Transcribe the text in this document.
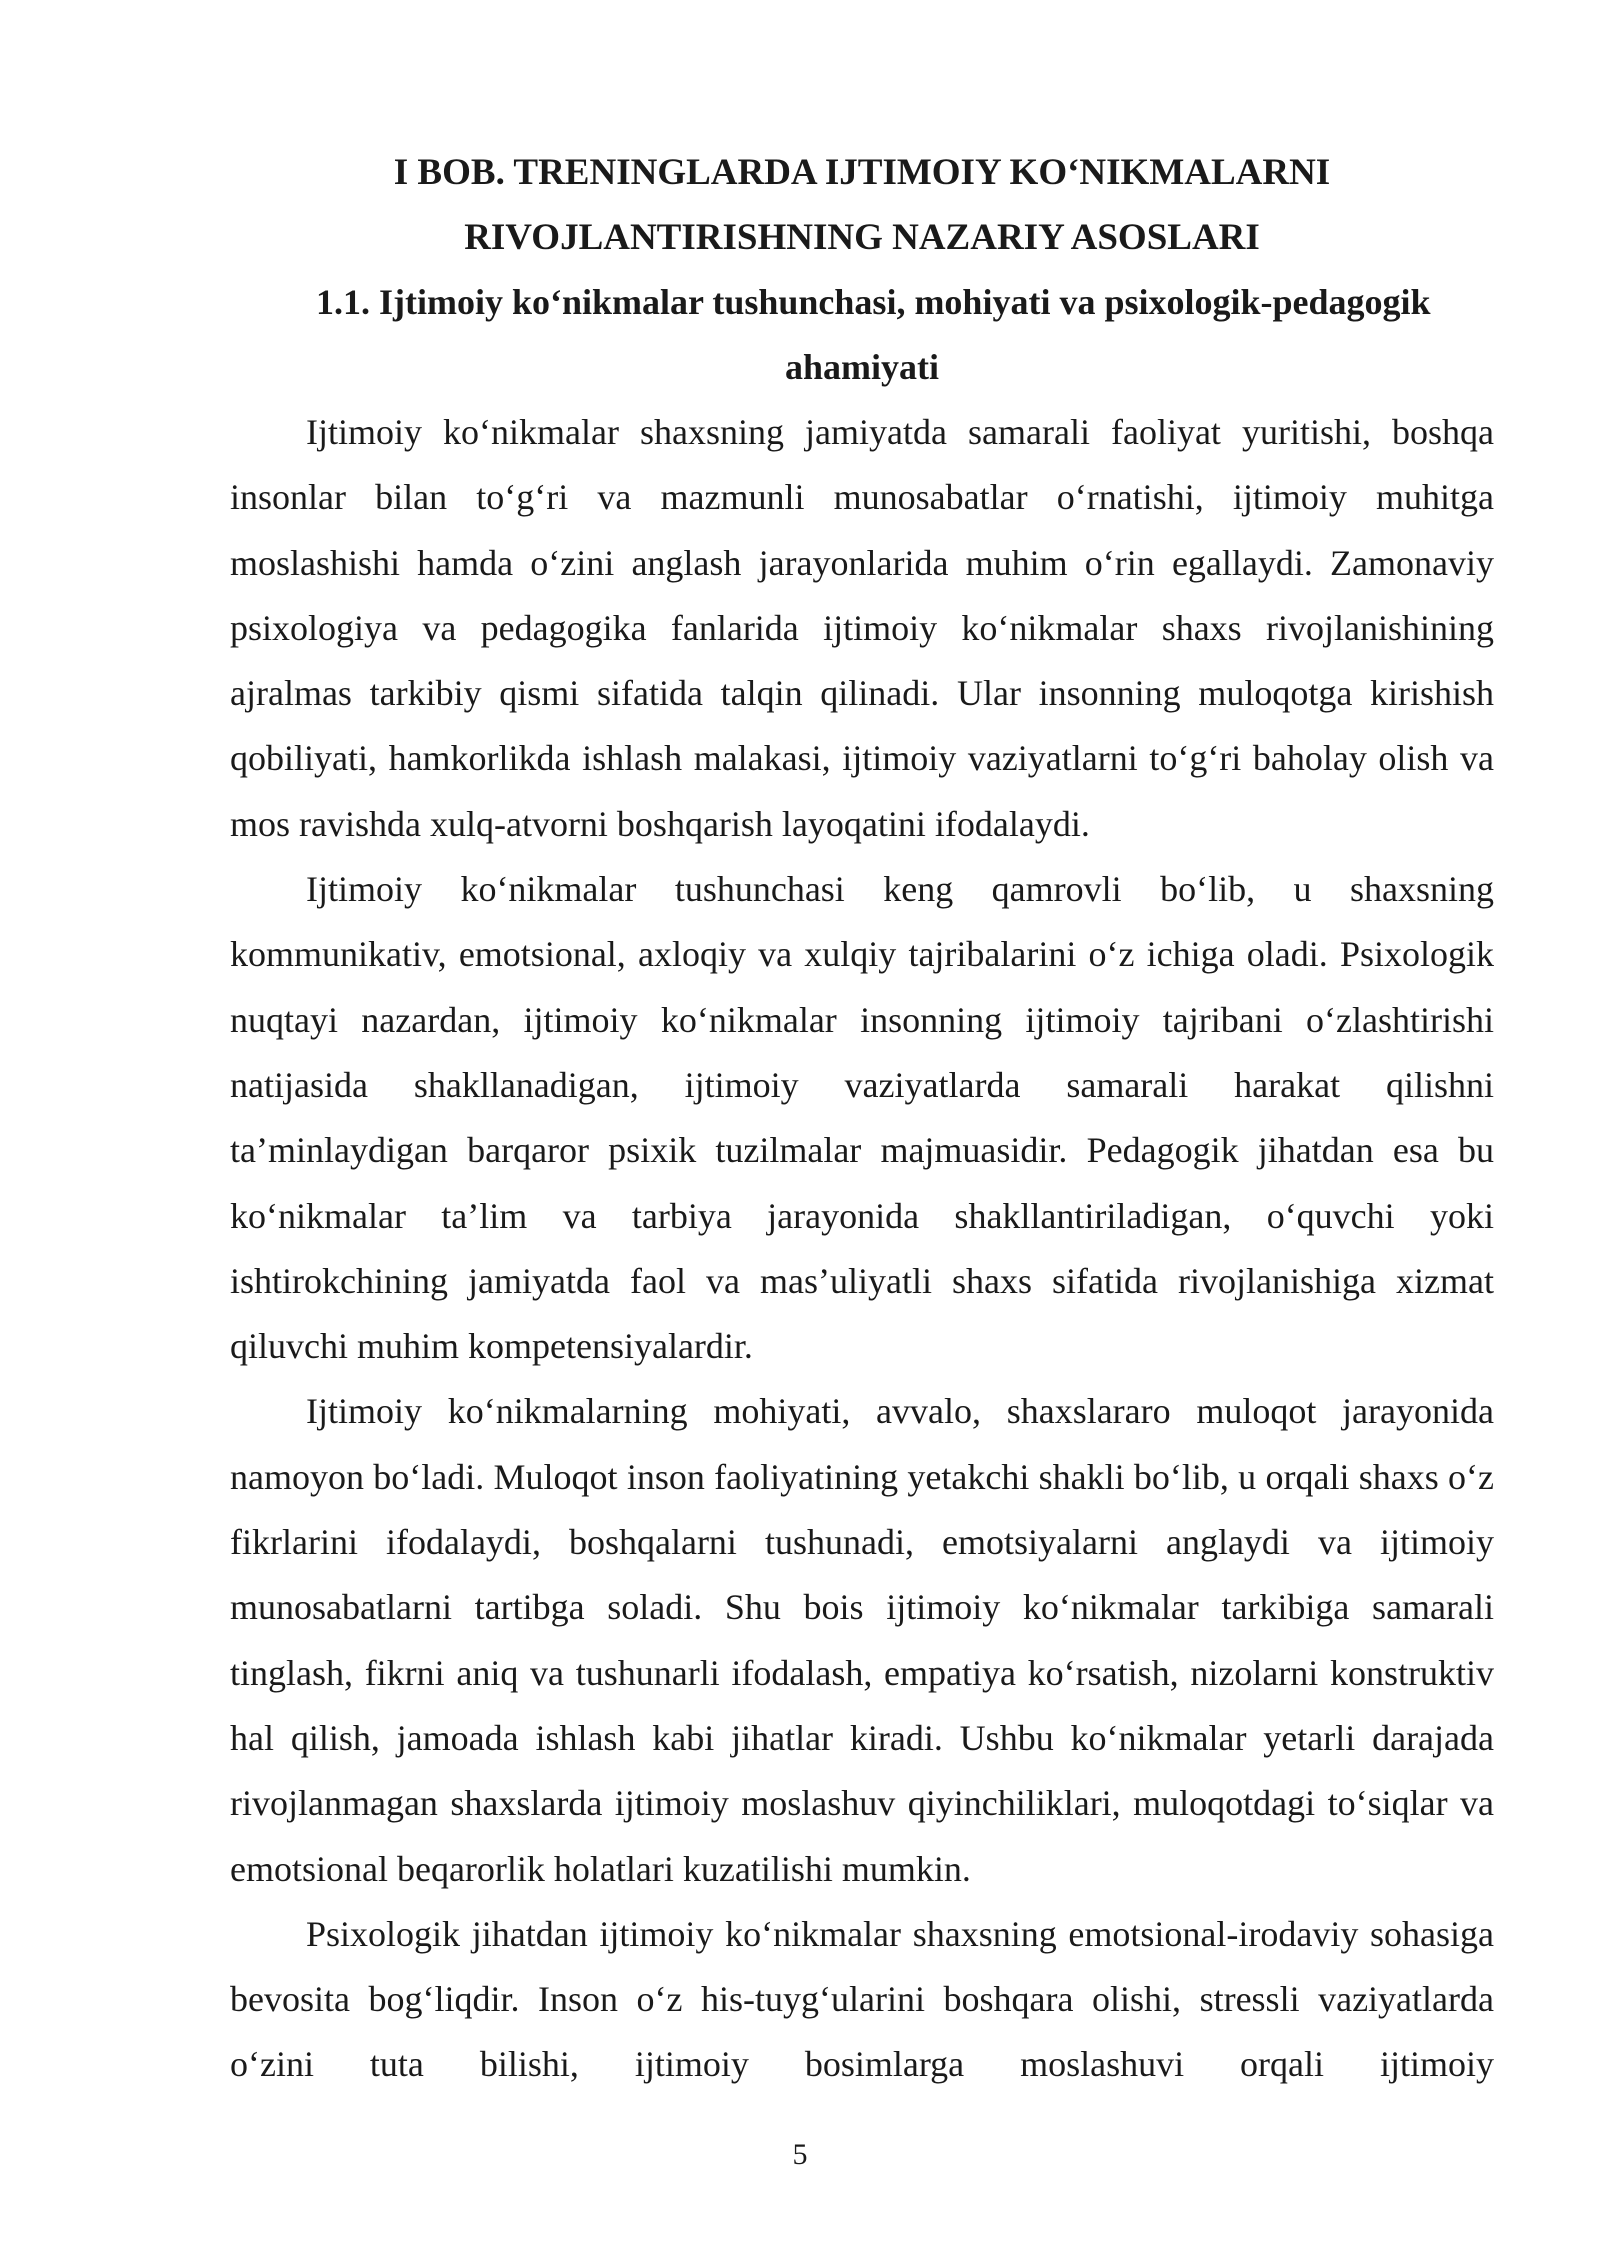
I BOB. TRENINGLARDA IJTIMOIY KO‘NIKMALARNI
RIVOJLANTIRISHNING NAZARIY ASOSLARI
1.1. Ijtimoiy ko‘nikmalar tushunchasi, mohiyati va psixologik-pedagogik
ahamiyati

Ijtimoiy ko‘nikmalar shaxsning jamiyatda samarali faoliyat yuritishi, boshqa insonlar bilan to‘g‘ri va mazmunli munosabatlar o‘rnatishi, ijtimoiy muhitga moslashishi hamda o‘zini anglash jarayonlarida muhim o‘rin egallaydi. Zamonaviy psixologiya va pedagogika fanlarida ijtimoiy ko‘nikmalar shaxs rivojlanishining ajralmas tarkibiy qismi sifatida talqin qilinadi. Ular insonning muloqotga kirishish qobiliyati, hamkorlikda ishlash malakasi, ijtimoiy vaziyatlarni to‘g‘ri baholay olish va mos ravishda xulq-atvorni boshqarish layoqatini ifodalaydi.

Ijtimoiy ko‘nikmalar tushunchasi keng qamrovli bo‘lib, u shaxsning kommunikativ, emotsional, axloqiy va xulqiy tajribalarini o‘z ichiga oladi. Psixologik nuqtayi nazardan, ijtimoiy ko‘nikmalar insonning ijtimoiy tajribani o‘zlashtirishi natijasida shakllanadigan, ijtimoiy vaziyatlarda samarali harakat qilishni ta’minlaydigan barqaror psixik tuzilmalar majmuasidir. Pedagogik jihatdan esa bu ko‘nikmalar ta’lim va tarbiya jarayonida shakllantiriladigan, o‘quvchi yoki ishtirokchining jamiyatda faol va mas’uliyatli shaxs sifatida rivojlanishiga xizmat qiluvchi muhim kompetensiyalardir.

Ijtimoiy ko‘nikmalarning mohiyati, avvalo, shaxslararo muloqot jarayonida namoyon bo‘ladi. Muloqot inson faoliyatining yetakchi shakli bo‘lib, u orqali shaxs o‘z fikrlarini ifodalaydi, boshqalarni tushunadi, emotsiyalarni anglaydi va ijtimoiy munosabatlarni tartibga soladi. Shu bois ijtimoiy ko‘nikmalar tarkibiga samarali tinglash, fikrni aniq va tushunarli ifodalash, empatiya ko‘rsatish, nizolarni konstruktiv hal qilish, jamoada ishlash kabi jihatlar kiradi. Ushbu ko‘nikmalar yetarli darajada rivojlanmagan shaxslarda ijtimoiy moslashuv qiyinchiliklari, muloqotdagi to‘siqlar va emotsional beqarorlik holatlari kuzatilishi mumkin.

Psixologik jihatdan ijtimoiy ko‘nikmalar shaxsning emotsional-irodaviy sohasiga bevosita bog‘liqdir. Inson o‘z his-tuyg‘ularini boshqara olishi, stressli vaziyatlarda o‘zini tuta bilishi, ijtimoiy bosimlarga moslashuvi orqali ijtimoiy

5
